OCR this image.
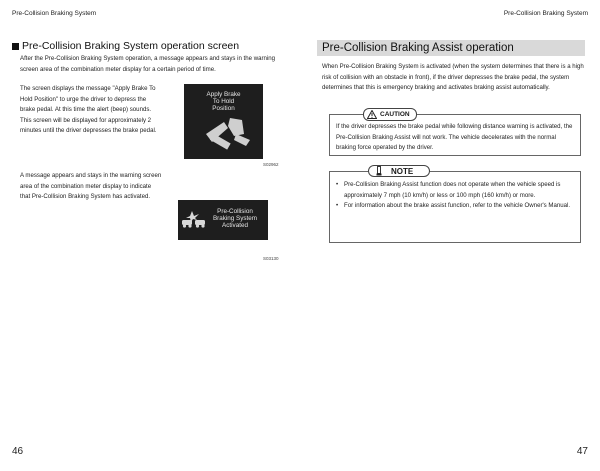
Pre-Collision Braking System	Pre-Collision Braking System
Pre-Collision Braking System operation screen
After the Pre-Collision Braking System operation, a message appears and stays in the warning screen area of the combination meter display for a certain period of time.
The screen displays the message "Apply Brake To Hold Position" to urge the driver to depress the brake pedal. At this time the alert (beep) sounds. This screen will be displayed for approximately 2 minutes until the driver depresses the brake pedal.
Apply Brake
To Hold
Position
S02962
A message appears and stays in the warning screen area of the combination meter display to indicate that Pre-Collision Braking System has activated.
Pre-Collision
Braking System
Activated
S03130
46
Pre-Collision Braking Assist operation
When Pre-Collision Braking System is activated (when the system determines that there is a high risk of collision with an obstacle in front), if the driver depresses the brake pedal, the system determines that this is emergency braking and activates braking assist automatically.
If the driver depresses the brake pedal while following distance warning is activated, the Pre-Collision Braking Assist will not work. The vehicle decelerates with the normal braking force operated by the driver.
CAUTION
• Pre-Collision Braking Assist function does not operate when the vehicle speed is approximately 7 mph (10 km/h) or less or 100 mph (160 km/h) or more.
• For information about the brake assist function, refer to the vehicle Owner's Manual.
NOTE
47
